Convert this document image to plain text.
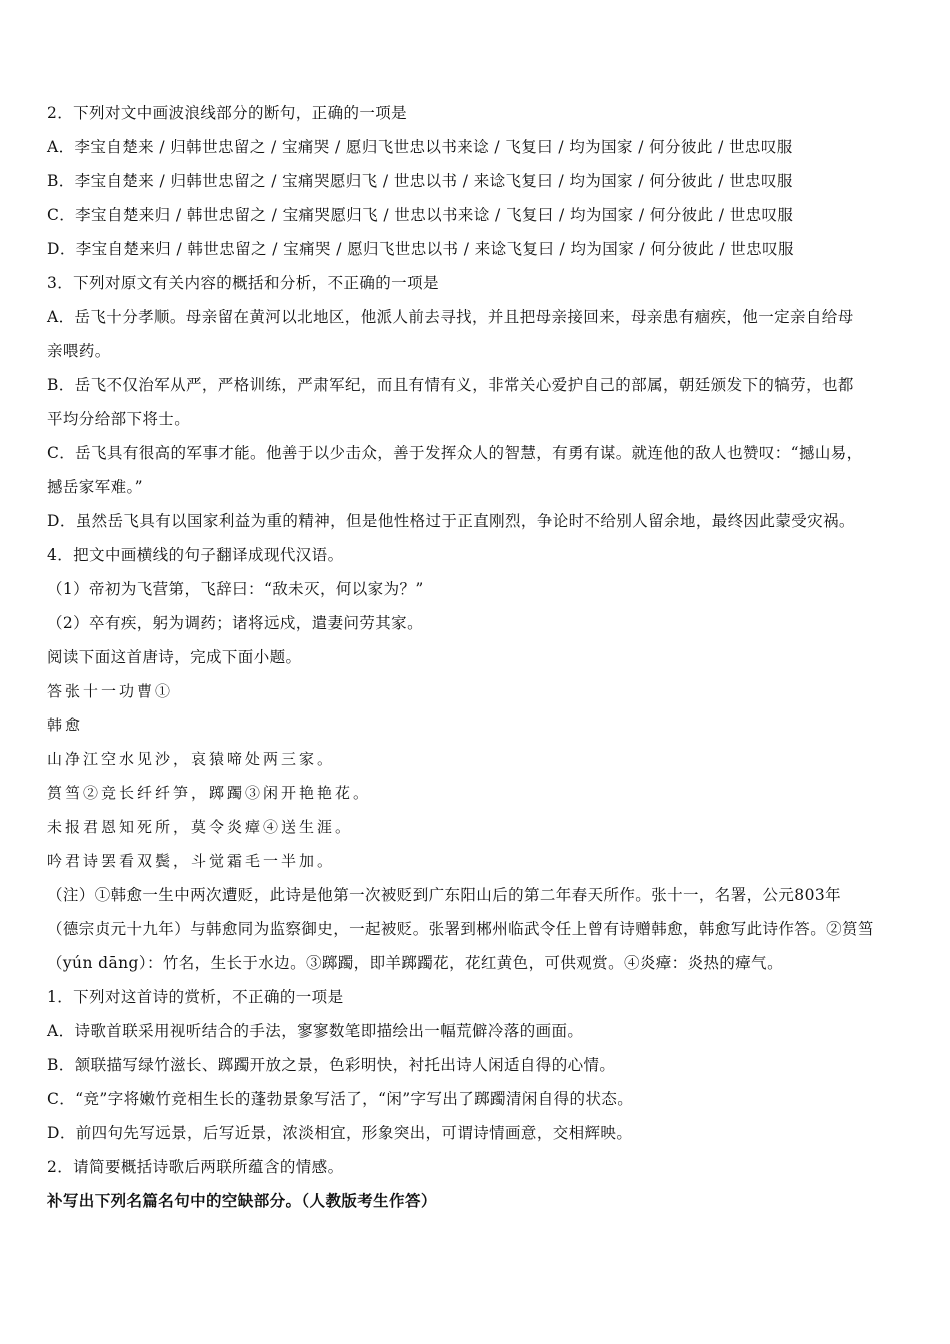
2．下列对文中画波浪线部分的断句，正确的一项是
A．李宝自楚来 / 归韩世忠留之 / 宝痛哭 / 愿归飞世忠以书来谂 / 飞复曰 / 均为国家 / 何分彼此 / 世忠叹服
B．李宝自楚来 / 归韩世忠留之 / 宝痛哭愿归飞 / 世忠以书 / 来谂飞复曰 / 均为国家 / 何分彼此 / 世忠叹服
C．李宝自楚来归 / 韩世忠留之 / 宝痛哭愿归飞 / 世忠以书来谂 / 飞复曰 / 均为国家 / 何分彼此 / 世忠叹服
D．李宝自楚来归 / 韩世忠留之 / 宝痛哭 / 愿归飞世忠以书 / 来谂飞复曰 / 均为国家 / 何分彼此 / 世忠叹服
3．下列对原文有关内容的概括和分析，不正确的一项是
A．岳飞十分孝顺。母亲留在黄河以北地区，他派人前去寻找，并且把母亲接回来，母亲患有痼疾，他一定亲自给母
亲喂药。
B．岳飞不仅治军从严，严格训练，严肃军纪，而且有情有义，非常关心爱护自己的部属，朝廷颁发下的犒劳，也都
平均分给部下将士。
C．岳飞具有很高的军事才能。他善于以少击众，善于发挥众人的智慧，有勇有谋。就连他的敌人也赞叹：“撼山易，
撼岳家军难。”
D．虽然岳飞具有以国家利益为重的精神，但是他性格过于正直刚烈，争论时不给别人留余地，最终因此蒙受灾祸。
4．把文中画横线的句子翻译成现代汉语。
（1）帝初为飞营第，飞辞曰：“敌未灭，何以家为？”
（2）卒有疾，躬为调药；诸将远戍，遣妻问劳其家。
阅读下面这首唐诗，完成下面小题。
答张十一功曹①
韩愈
山净江空水见沙，哀猿啼处两三家。
筼筜②竞长纤纤笋，踯躅③闲开艳艳花。
未报君恩知死所，莫令炎瘴④送生涯。
吟君诗罢看双鬓，斗觉霜毛一半加。
（注）①韩愈一生中两次遭贬，此诗是他第一次被贬到广东阳山后的第二年春天所作。张十一，名署，公元803年
（德宗贞元十九年）与韩愈同为监察御史，一起被贬。张署到郴州临武令任上曾有诗赠韩愈，韩愈写此诗作答。②筼筜
（yún dāng）：竹名，生长于水边。③踯躅，即羊踯躅花，花红黄色，可供观赏。④炎瘴：炎热的瘴气。
1．下列对这首诗的赏析，不正确的一项是
A．诗歌首联采用视听结合的手法，寥寥数笔即描绘出一幅荒僻冷落的画面。
B．颔联描写绿竹滋长、踯躅开放之景，色彩明快，衬托出诗人闲适自得的心情。
C．“竞”字将嫩竹竞相生长的蓬勃景象写活了，“闲”字写出了踯躅清闲自得的状态。
D．前四句先写远景，后写近景，浓淡相宜，形象突出，可谓诗情画意，交相辉映。
2．请简要概括诗歌后两联所蕴含的情感。
补写出下列名篇名句中的空缺部分。（人教版考生作答）
